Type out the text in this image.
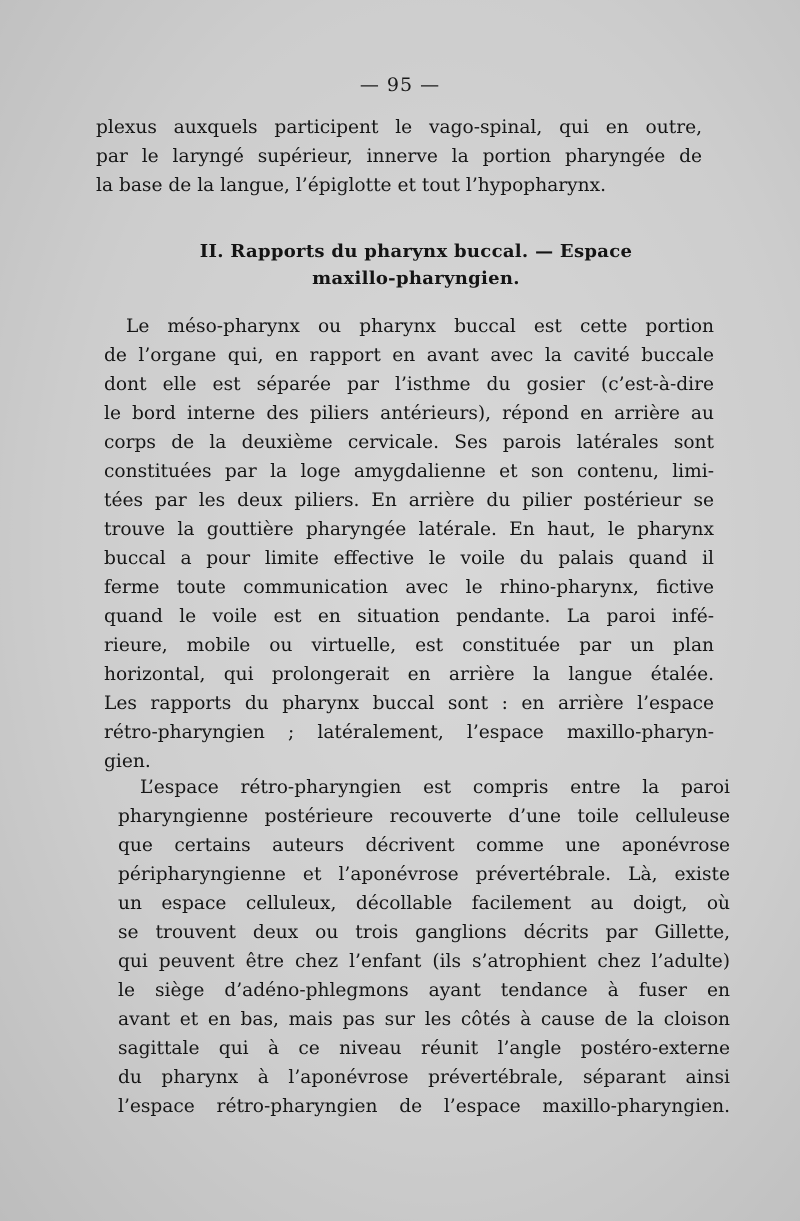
— 95 —
plexus auxquels participent le vago-spinal, qui en outre,
par le laryngé supérieur, innerve la portion pharyngée de
la base de la langue, l’épiglotte et tout l’hypopharynx.
II. Rapports du pharynx buccal. — Espace
maxillo-pharyngien.
Le méso-pharynx ou pharynx buccal est cette portion
de l’organe qui, en rapport en avant avec la cavité buccale
dont elle est séparée par l’isthme du gosier (c’est-à-dire
le bord interne des piliers antérieurs), répond en arrière au
corps de la deuxième cervicale. Ses parois latérales sont
constituées par la loge amygdalienne et son contenu, limi-
tées par les deux piliers. En arrière du pilier postérieur se
trouve la gouttière pharyngée latérale. En haut, le pharynx
buccal a pour limite effective le voile du palais quand il
ferme toute communication avec le rhino-pharynx, fictive
quand le voile est en situation pendante. La paroi infé-
rieure, mobile ou virtuelle, est constituée par un plan
horizontal, qui prolongerait en arrière la langue étalée.
Les rapports du pharynx buccal sont : en arrière l’espace
rétro-pharyngien ; latéralement, l’espace maxillo-pharyn-
gien.
L’espace rétro-pharyngien est compris entre la paroi
pharyngienne postérieure recouverte d’une toile celluleuse
que certains auteurs décrivent comme une aponévrose
péripharyngienne et l’aponévrose prévertébrale. Là, existe
un espace celluleux, décollable facilement au doigt, où
se trouvent deux ou trois ganglions décrits par Gillette,
qui peuvent être chez l’enfant (ils s’atrophient chez l’adulte)
le siège d’adéno-phlegmons ayant tendance à fuser en
avant et en bas, mais pas sur les côtés à cause de la cloison
sagittale qui à ce niveau réunit l’angle postéro-externe
du pharynx à l’aponévrose prévertébrale, séparant ainsi
l’espace rétro-pharyngien de l’espace maxillo-pharyngien.
